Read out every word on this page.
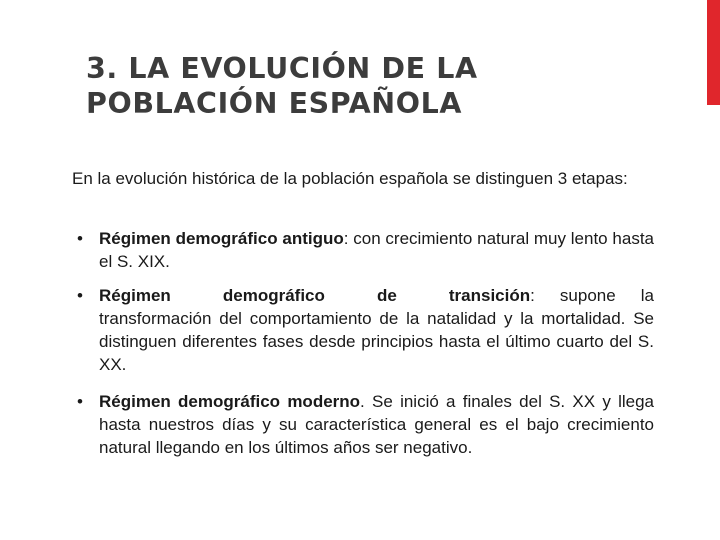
3. LA EVOLUCIÓN DE LA
POBLACIÓN ESPAÑOLA

En la evolución histórica de la población española se distinguen 3 etapas:

• Régimen demográfico antiguo: con crecimiento natural muy lento hasta el S. XIX.
• Régimen demográfico de transición: supone la transformación del comportamiento de la natalidad y la mortalidad. Se distinguen diferentes fases desde principios hasta el último cuarto del S. XX.
• Régimen demográfico moderno. Se inició a finales del S. XX y llega hasta nuestros días y su característica general es el bajo crecimiento natural llegando en los últimos años ser negativo.
